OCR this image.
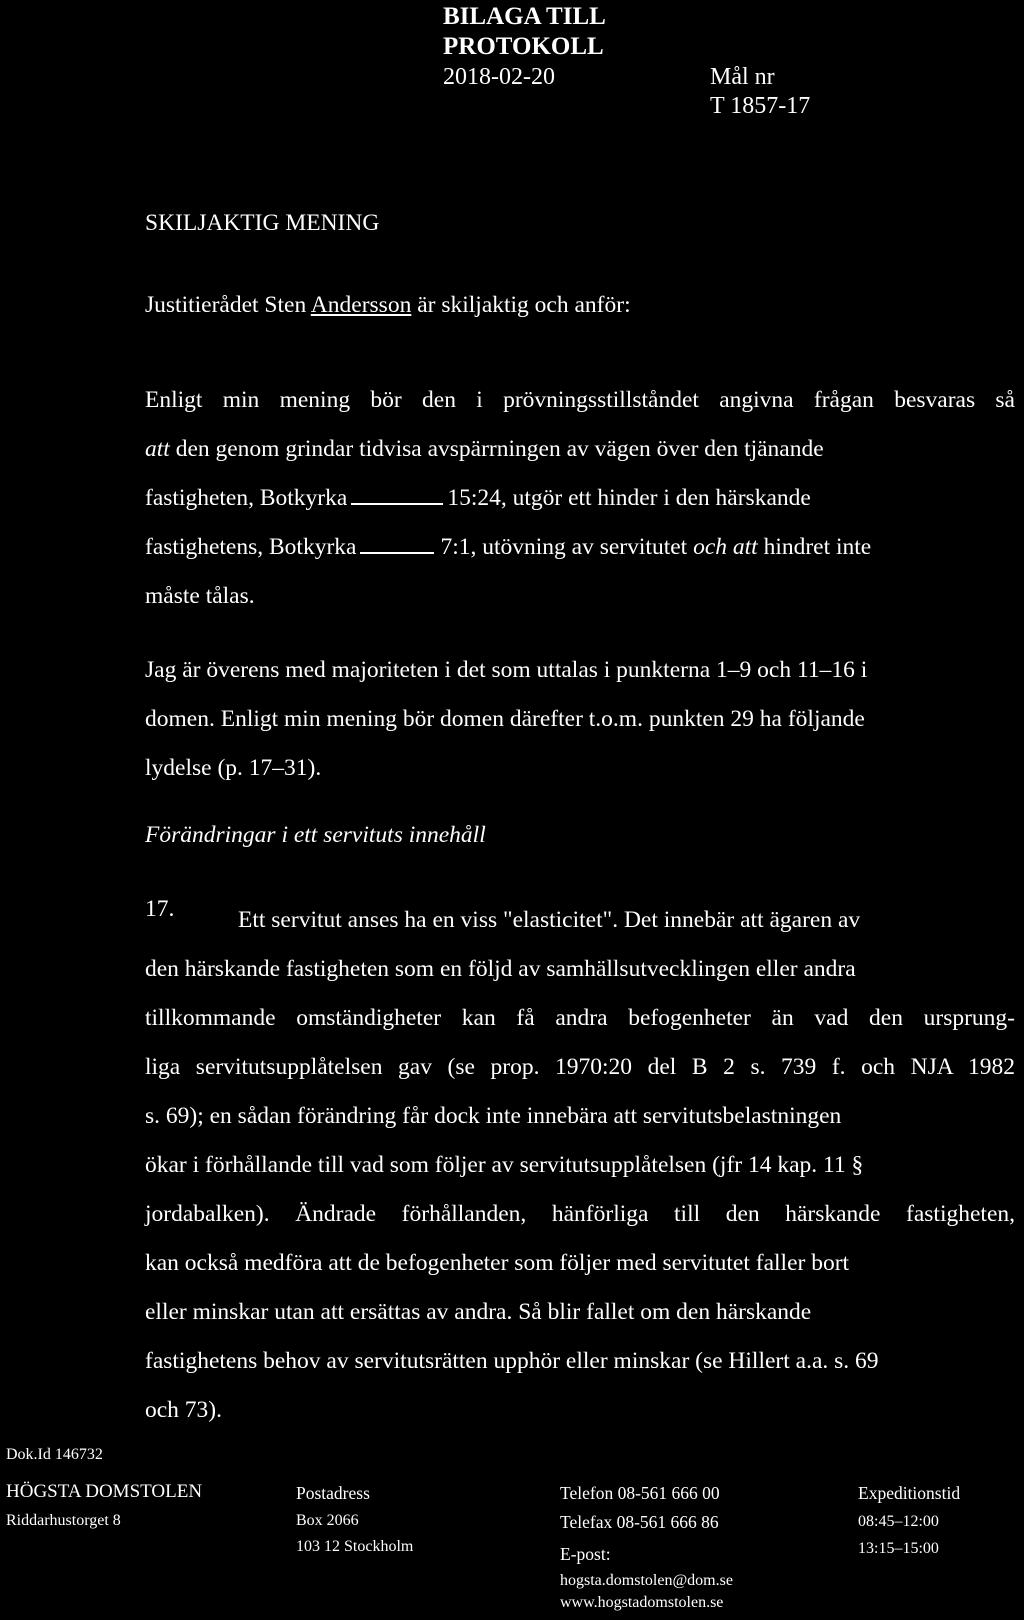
BILAGA TILL
PROTOKOLL
2018-02-20	Mål nr
T 1857-17
SKILJAKTIG MENING
Justitierådet Sten Andersson är skiljaktig och anför:
Enligt min mening bör den i prövningsstillståndet angivna frågan besvaras så
att den genom grindar tidvisa avspärrningen av vägen över den tjänande
fastigheten, Botkyrka	15:24, utgör ett hinder i den härskande
fastighetens, Botkyrka	7:1, utövning av servitutet och att hindret inte
måste tålas.
Jag är överens med majoriteten i det som uttalas i punkterna 1–9 och 11–16 i
domen. Enligt min mening bör domen därefter t.o.m. punkten 29 ha följande
lydelse (p. 17–31).
Förändringar i ett servituts innehåll
17.	Ett servitut anses ha en viss "elasticitet". Det innebär att ägaren av
den härskande fastigheten som en följd av samhällsutvecklingen eller andra
tillkommande omständigheter kan få andra befogenheter än vad den ursprung-
liga servitutsupplåtelsen gav (se prop. 1970:20 del B 2 s. 739 f. och NJA 1982
s. 69); en sådan förändring får dock inte innebära att servitutsbelastningen
ökar i förhållande till vad som följer av servitutsupplåtelsen (jfr 14 kap. 11 §
jordabalken). Ändrade förhållanden, hänförliga till den härskande fastigheten,
kan också medföra att de befogenheter som följer med servitutet faller bort
eller minskar utan att ersättas av andra. Så blir fallet om den härskande
fastighetens behov av servitutsrätten upphör eller minskar (se Hillert a.a. s. 69
och 73).
Dok.Id 146732
HÖGSTA DOMSTOLEN
Riddarhustorget 8
Postadress
Box 2066
103 12 Stockholm
Telefon 08-561 666 00
Telefax 08-561 666 86
E-post:
hogsta.domstolen@dom.se
www.hogstadomstolen.se
Expeditionstid
08:45–12:00
13:15–15:00
